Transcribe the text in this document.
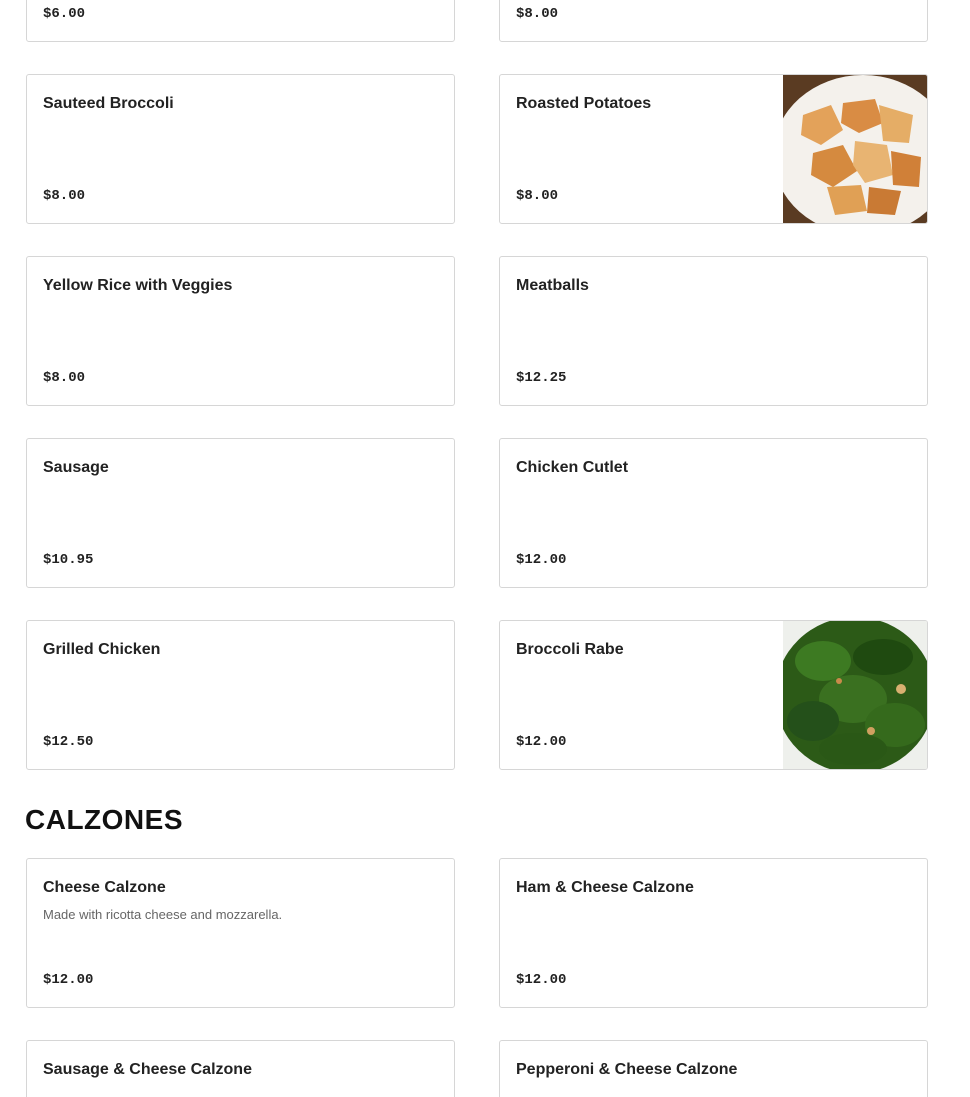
$6.00	$8.00
Sauteed Broccoli
$8.00
Roasted Potatoes
$8.00
Yellow Rice with Veggies
$8.00
Meatballs
$12.25
Sausage
$10.95
Chicken Cutlet
$12.00
Grilled Chicken
$12.50
Broccoli Rabe
$12.00
CALZONES
Cheese Calzone
Made with ricotta cheese and mozzarella.
$12.00
Ham & Cheese Calzone
$12.00
Sausage & Cheese Calzone	Pepperoni & Cheese Calzone
